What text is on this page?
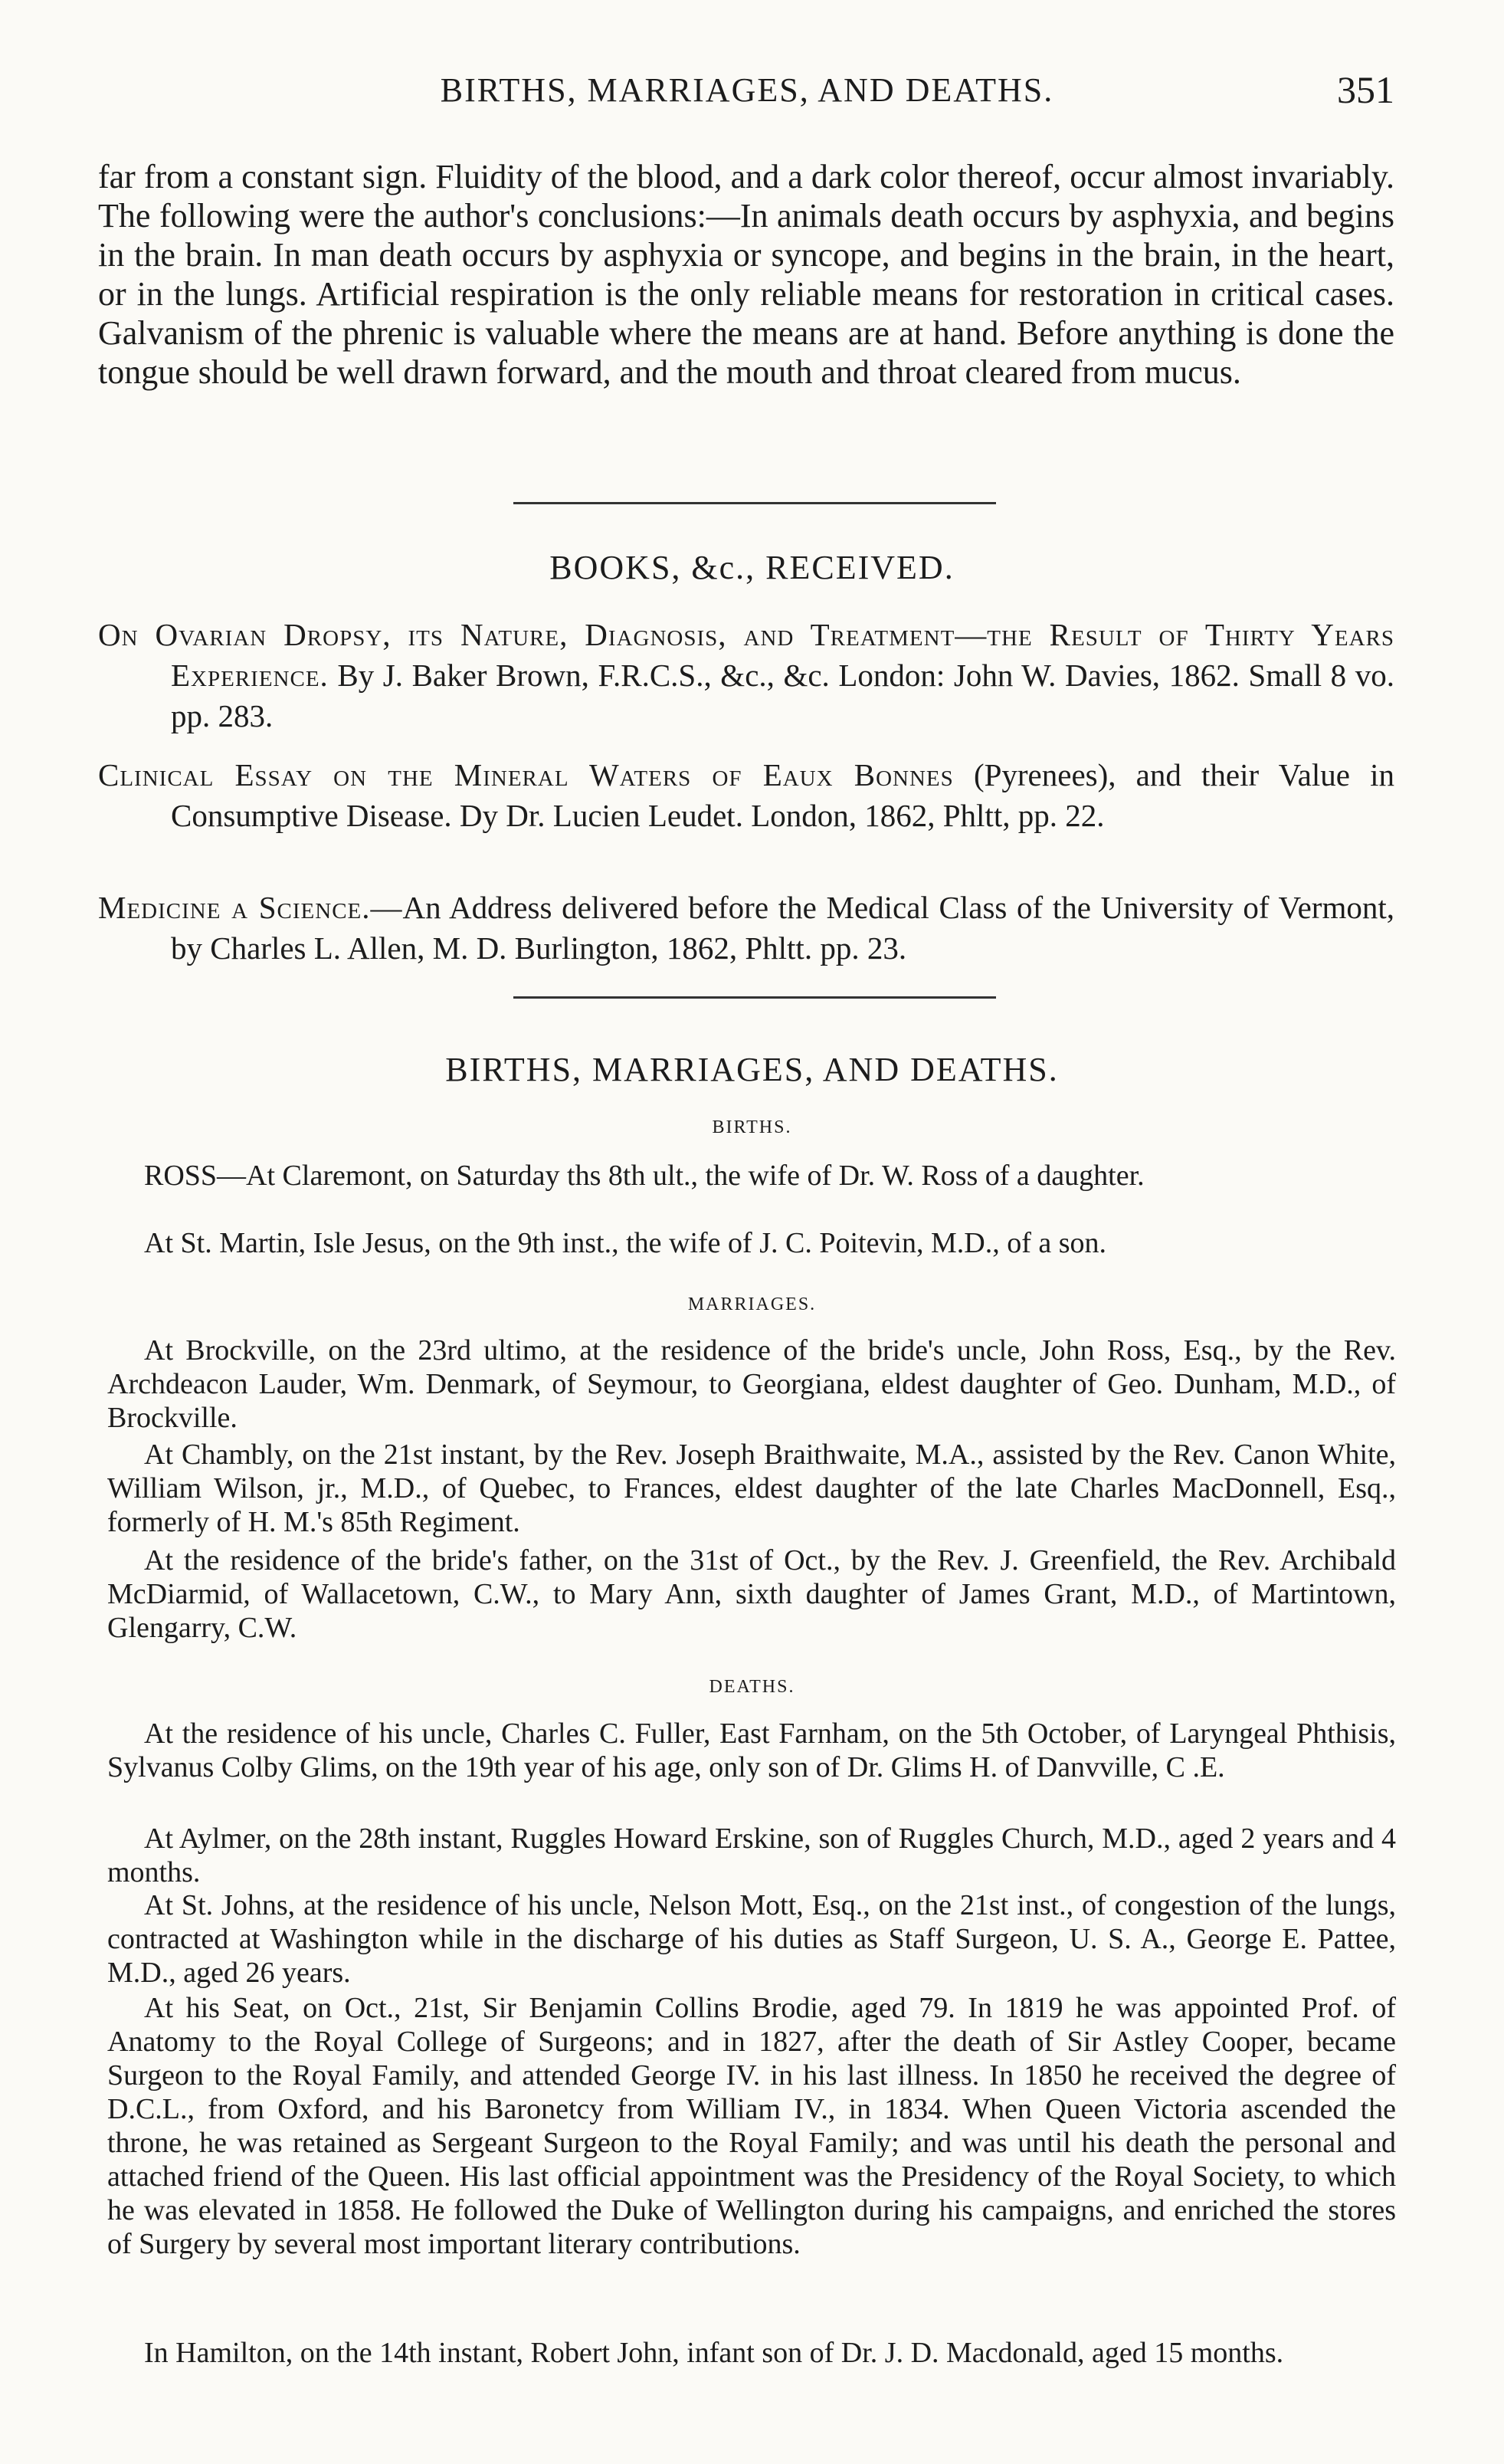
BIRTHS, MARRIAGES, AND DEATHS.	351

far from a constant sign. Fluidity of the blood, and a dark color thereof, occur almost invariably. The following were the author's conclusions:—In animals death occurs by asphyxia, and begins in the brain. In man death occurs by asphyxia or syncope, and begins in the brain, in the heart, or in the lungs. Artificial respiration is the only reliable means for restoration in critical cases. Galvanism of the phrenic is valuable where the means are at hand. Before anything is done the tongue should be well drawn forward, and the mouth and throat cleared from mucus.

BOOKS, &c., RECEIVED.
On Ovarian Dropsy, its Nature, Diagnosis, and Treatment—the Result of Thirty Years Experience. By J. Baker Brown, F.R.C.S., &c., &c. London: John W. Davies, 1862. Small 8 vo. pp. 283.
Clinical Essay on the Mineral Waters of Eaux Bonnes (Pyrenees), and their Value in Consumptive Disease. Dy Dr. Lucien Leudet. London, 1862, Phltt, pp. 22.
Medicine a Science.—An Address delivered before the Medical Class of the University of Vermont, by Charles L. Allen, M. D. Burlington, 1862, Phltt. pp. 23.
BIRTHS, MARRIAGES, AND DEATHS.
BIRTHS.

ROSS—At Claremont, on Saturday ths 8th ult., the wife of Dr. W. Ross of a daughter.

At St. Martin, Isle Jesus, on the 9th inst., the wife of J. C. Poitevin, M.D., of a son.

MARRIAGES.

At Brockville, on the 23rd ultimo, at the residence of the bride's uncle, John Ross, Esq., by the Rev. Archdeacon Lauder, Wm. Denmark, of Seymour, to Georgiana, eldest daughter of Geo. Dunham, M.D., of Brockville.

At Chambly, on the 21st instant, by the Rev. Joseph Braithwaite, M.A., assisted by the Rev. Canon White, William Wilson, jr., M.D., of Quebec, to Frances, eldest daughter of the late Charles MacDonnell, Esq., formerly of H. M.'s 85th Regiment.

At the residence of the bride's father, on the 31st of Oct., by the Rev. J. Greenfield, the Rev. Archibald McDiarmid, of Wallacetown, C.W., to Mary Ann, sixth daughter of James Grant, M.D., of Martintown, Glengarry, C.W.

DEATHS.

At the residence of his uncle, Charles C. Fuller, East Farnham, on the 5th October, of Laryngeal Phthisis, Sylvanus Colby Glims, on the 19th year of his age, only son of Dr. Glims H. of Danvville, C .E.

At Aylmer, on the 28th instant, Ruggles Howard Erskine, son of Ruggles Church, M.D., aged 2 years and 4 months.

At St. Johns, at the residence of his uncle, Nelson Mott, Esq., on the 21st inst., of congestion of the lungs, contracted at Washington while in the discharge of his duties as Staff Surgeon, U. S. A., George E. Pattee, M.D., aged 26 years.

At his Seat, on Oct., 21st, Sir Benjamin Collins Brodie, aged 79. In 1819 he was appointed Prof. of Anatomy to the Royal College of Surgeons; and in 1827, after the death of Sir Astley Cooper, became Surgeon to the Royal Family, and attended George IV. in his last illness. In 1850 he received the degree of D.C.L., from Oxford, and his Baronetcy from William IV., in 1834. When Queen Victoria ascended the throne, he was retained as Sergeant Surgeon to the Royal Family; and was until his death the personal and attached friend of the Queen. His last official appointment was the Presidency of the Royal Society, to which he was elevated in 1858. He followed the Duke of Wellington during his campaigns, and enriched the stores of Surgery by several most important literary contributions.

In Hamilton, on the 14th instant, Robert John, infant son of Dr. J. D. Macdonald, aged 15 months.
